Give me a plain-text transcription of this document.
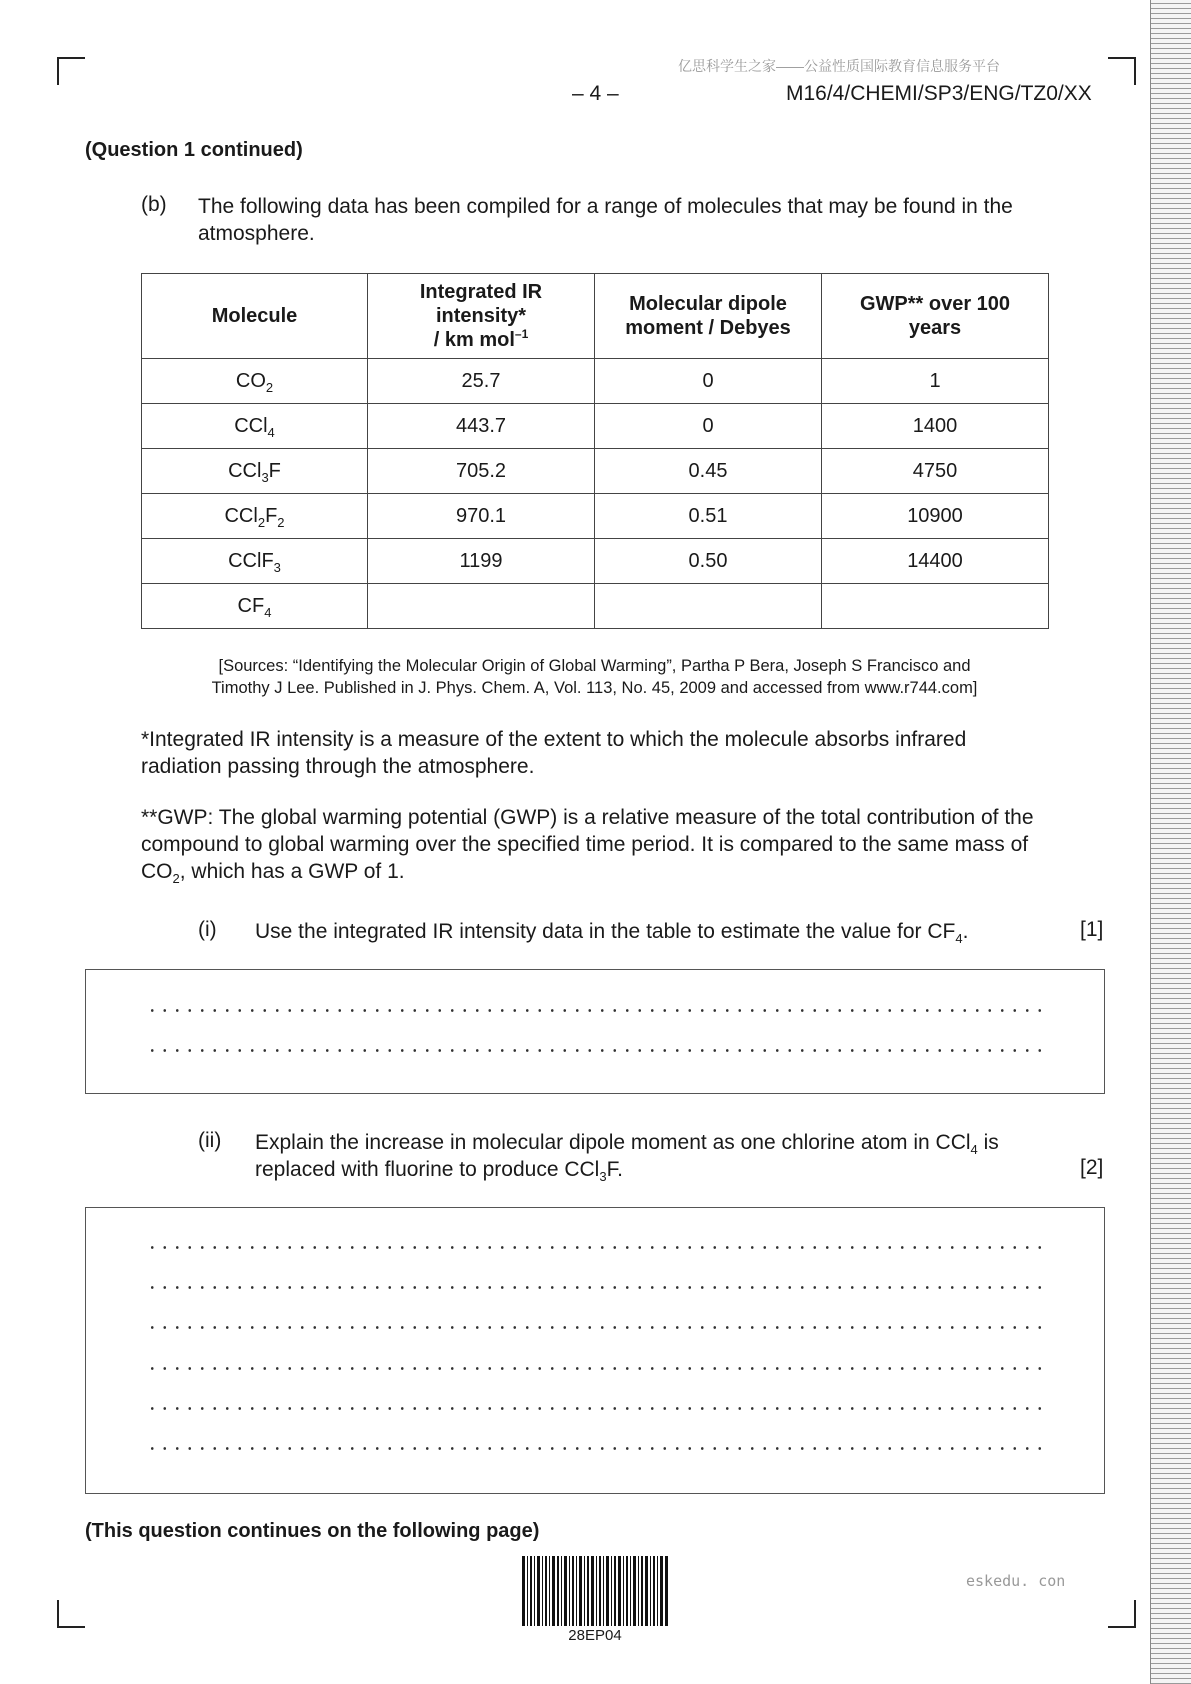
亿思科学生之家——公益性质国际教育信息服务平台
– 4 –	M16/4/CHEMI/SP3/ENG/TZ0/XX
(Question 1 continued)
(b) The following data has been compiled for a range of molecules that may be found in the atmosphere.
Molecule	Integrated IR
intensity*
/ km mol$^{-1}$	Molecular dipole
moment / Debyes	GWP** over 100
years
$CO_2$	25.7	0	1
CCl$_4$	443.7	0	1400
CCl$_3$F	705.2	0.45	4750
$CCl_2F_2$	970.1	0.51	10900
CClF$_3$	1199	0.50	14400
$CF_4$			
[Sources: “Identifying the Molecular Origin of Global Warming”, Partha P Bera, Joseph S Francisco and
Timothy J Lee. Published in J. Phys. Chem. A, Vol. 113, No. 45, 2009 and accessed from www.r744.com]
*Integrated IR intensity is a measure of the extent to which the molecule absorbs infrared radiation passing through the atmosphere.
**GWP: The global warming potential (GWP) is a relative measure of the total contribution of the compound to global warming over the specified time period. It is compared to the same mass of $CO_2$, which has a GWP of 1.
(i) Use the integrated IR intensity data in the table to estimate the value for $CF_4$.	[1]
(ii) Explain the increase in molecular dipole moment as one chlorine atom in CCl$_4$ is
replaced with fluorine to produce CCl$_3$F.	[2]
(This question continues on the following page)
28EP04
eskedu. con
